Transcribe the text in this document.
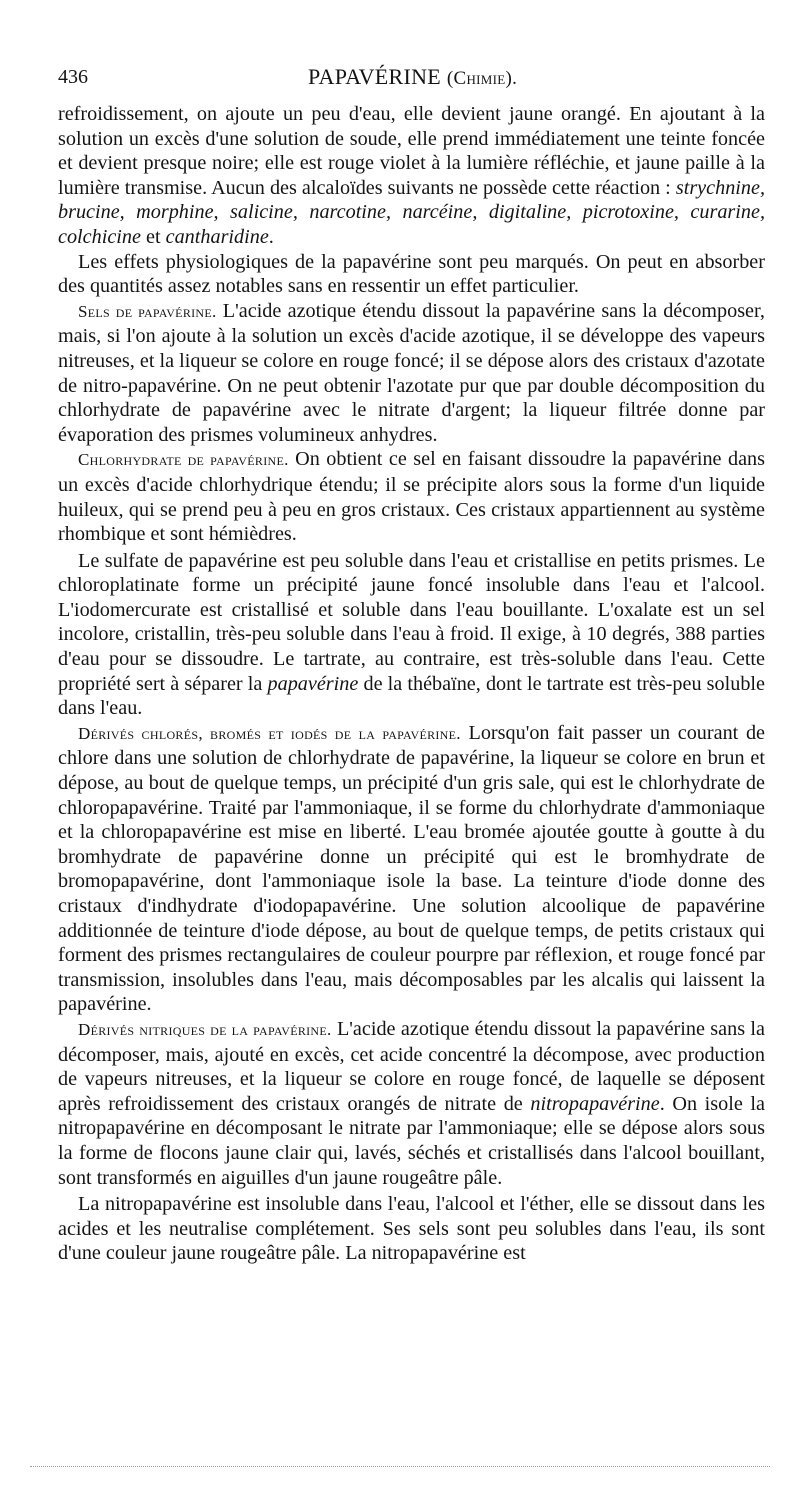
436	PAPAVÉRINE (Chimie).

refroidissement, on ajoute un peu d'eau, elle devient jaune orangé. En ajoutant à la solution un excès d'une solution de soude, elle prend immédiatement une teinte foncée et devient presque noire; elle est rouge violet à la lumière réfléchie, et jaune paille à la lumière transmise. Aucun des alcaloïdes suivants ne possède cette réaction : strychnine, brucine, morphine, salicine, narcotine, narcéine, digitaline, picrotoxine, curarine, colchicine et cantharidine.

Les effets physiologiques de la papavérine sont peu marqués. On peut en absorber des quantités assez notables sans en ressentir un effet particulier.

Sels de papavérine. L'acide azotique étendu dissout la papavérine sans la décomposer, mais, si l'on ajoute à la solution un excès d'acide azotique, il se développe des vapeurs nitreuses, et la liqueur se colore en rouge foncé; il se dépose alors des cristaux d'azotate de nitro-papavérine. On ne peut obtenir l'azotate pur que par double décomposition du chlorhydrate de papavérine avec le nitrate d'argent; la liqueur filtrée donne par évaporation des prismes volumineux anhydres.

Chlorhydrate de papavérine. On obtient ce sel en faisant dissoudre la papavérine dans un excès d'acide chlorhydrique étendu; il se précipite alors sous la forme d'un liquide huileux, qui se prend peu à peu en gros cristaux. Ces cristaux appartiennent au système rhombique et sont hémièdres.

Le sulfate de papavérine est peu soluble dans l'eau et cristallise en petits prismes. Le chloroplatinate forme un précipité jaune foncé insoluble dans l'eau et l'alcool. L'iodomercurate est cristallisé et soluble dans l'eau bouillante. L'oxalate est un sel incolore, cristallin, très-peu soluble dans l'eau à froid. Il exige, à 10 degrés, 388 parties d'eau pour se dissoudre. Le tartrate, au contraire, est très-soluble dans l'eau. Cette propriété sert à séparer la papavérine de la thébaïne, dont le tartrate est très-peu soluble dans l'eau.

Dérivés chlorés, bromés et iodés de la papavérine. Lorsqu'on fait passer un courant de chlore dans une solution de chlorhydrate de papavérine, la liqueur se colore en brun et dépose, au bout de quelque temps, un précipité d'un gris sale, qui est le chlorhydrate de chloropapavérine. Traité par l'ammoniaque, il se forme du chlorhydrate d'ammoniaque et la chloropapavérine est mise en liberté. L'eau bromée ajoutée goutte à goutte à du bromhydrate de papavérine donne un précipité qui est le bromhydrate de bromopapavérine, dont l'ammoniaque isole la base. La teinture d'iode donne des cristaux d'indhydrate d'iodopapavérine. Une solution alcoolique de papavérine additionnée de teinture d'iode dépose, au bout de quelque temps, de petits cristaux qui forment des prismes rectangulaires de couleur pourpre par réflexion, et rouge foncé par transmission, insolubles dans l'eau, mais décomposables par les alcalis qui laissent la papavérine.

Dérivés nitriques de la papavérine. L'acide azotique étendu dissout la papavérine sans la décomposer, mais, ajouté en excès, cet acide concentré la décompose, avec production de vapeurs nitreuses, et la liqueur se colore en rouge foncé, de laquelle se déposent après refroidissement des cristaux orangés de nitrate de nitropapavérine. On isole la nitropapavérine en décomposant le nitrate par l'ammoniaque; elle se dépose alors sous la forme de flocons jaune clair qui, lavés, séchés et cristallisés dans l'alcool bouillant, sont transformés en aiguilles d'un jaune rougeâtre pâle.

La nitropapavérine est insoluble dans l'eau, l'alcool et l'éther, elle se dissout dans les acides et les neutralise complétement. Ses sels sont peu solubles dans l'eau, ils sont d'une couleur jaune rougeâtre pâle. La nitropapavérine est
